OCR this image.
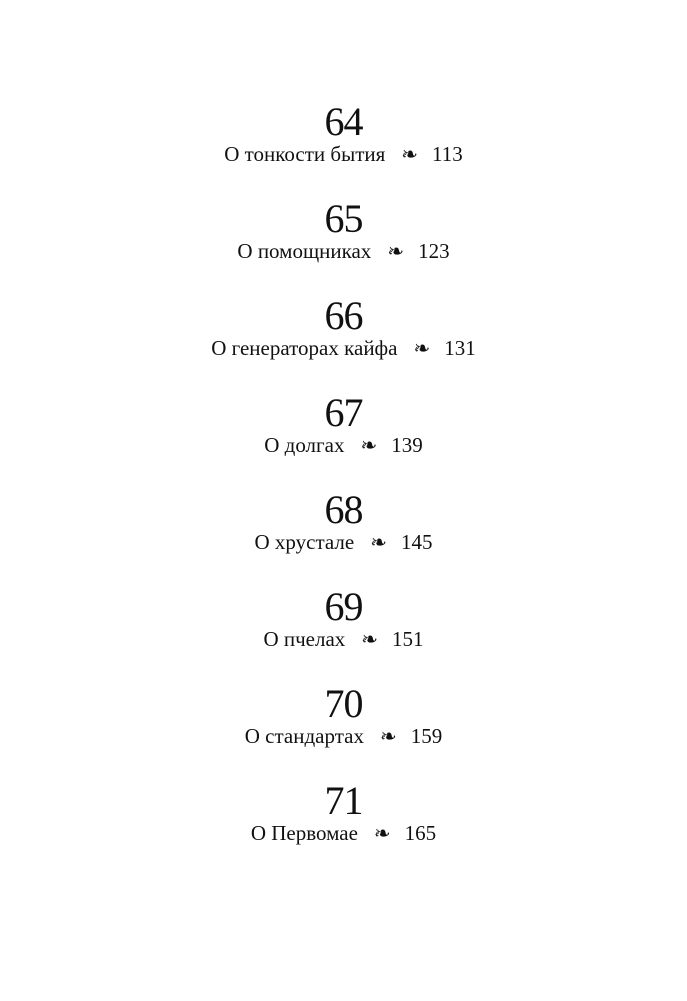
64
О тонкости бытия ❧ 113
65
О помощниках ❧ 123
66
О генераторах кайфа ❧ 131
67
О долгах ❧ 139
68
О хрустале ❧ 145
69
О пчелах ❧ 151
70
О стандартах ❧ 159
71
О Первомае ❧ 165
